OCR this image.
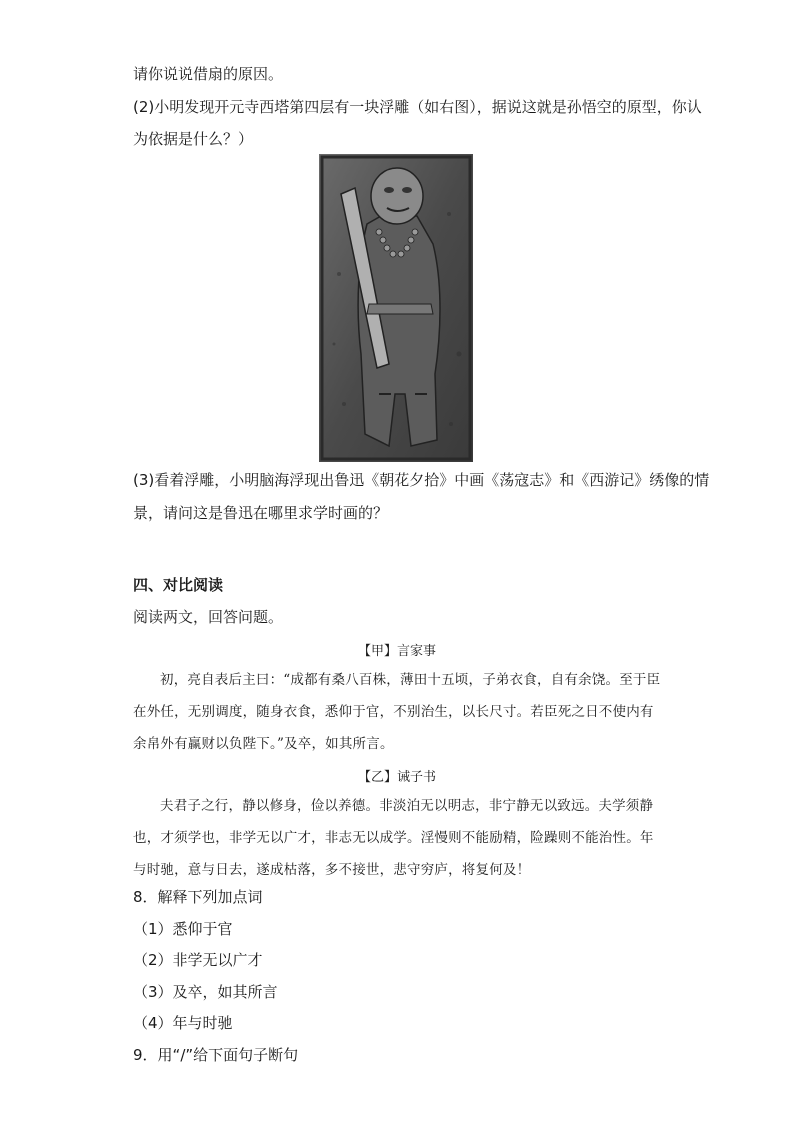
请你说说借扇的原因。
(2)小明发现开元寺西塔第四层有一块浮雕（如右图），据说这就是孙悟空的原型，你认
为依据是什么？）
(3)看着浮雕，小明脑海浮现出鲁迅《朝花夕拾》中画《荡寇志》和《西游记》绣像的情
景，请问这是鲁迅在哪里求学时画的？
四、对比阅读
阅读两文，回答问题。
【甲】言家事
初，亮自表后主曰：“成都有桑八百株，薄田十五顷，子弟衣食，自有余饶。至于臣在外任，无别调度，随身衣食，悉仰于官，不别治生，以长尺寸。若臣死之日不使内有余帛外有赢财以负陛下。”及卒，如其所言。
【乙】诫子书
夫君子之行，静以修身，俭以养德。非淡泊无以明志，非宁静无以致远。夫学须静也，才须学也，非学无以广才，非志无以成学。淫慢则不能励精，险躁则不能治性。年与时驰，意与日去，遂成枯落，多不接世，悲守穷庐，将复何及！
8．解释下列加点词
（1）悉仰于官
（2）非学无以广才
（3）及卒，如其所言
（4）年与时驰
9．用“/”给下面句子断句
